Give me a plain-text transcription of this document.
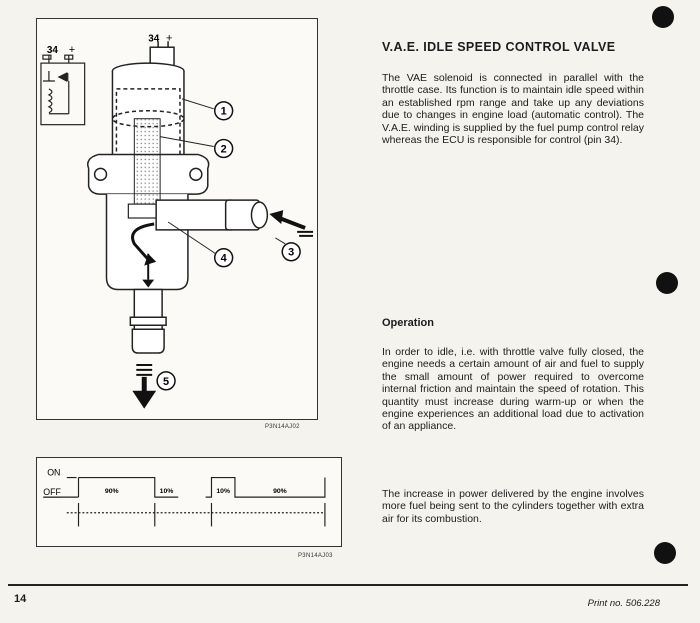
34 +
34 +
1
2
3
4
5
P3N14AJ02
ON
OFF	90%	10%	10%	90%
P3N14AJ03
V.A.E. IDLE SPEED CONTROL VALVE

The VAE solenoid is connected in parallel with the throttle case. Its function is to maintain idle speed within an established rpm range and take up any deviations due to changes in engine load (automatic control). The V.A.E. winding is supplied by the fuel pump control relay whereas the ECU is responsible for control (pin 34).

Operation

In order to idle, i.e. with throttle valve fully closed, the engine needs a certain amount of air and fuel to supply the small amount of power required to overcome internal friction and maintain the speed of rotation. This quantity must increase during warm-up or when the engine experiences an additional load due to activation of an appliance.

The increase in power delivered by the engine involves more fuel being sent to the cylinders together with extra air for its combustion.

14	Print no. 506.228
